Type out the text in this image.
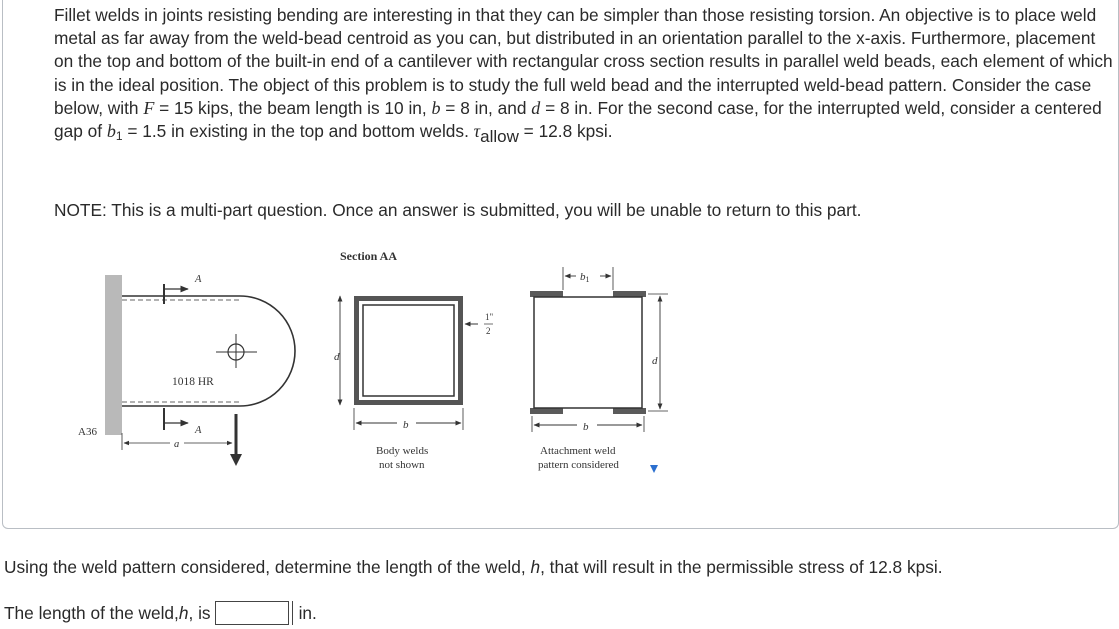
Fillet welds in joints resisting bending are interesting in that they can be simpler than those resisting torsion. An objective is to place weld metal as far away from the weld-bead centroid as you can, but distributed in an orientation parallel to the x-axis. Furthermore, placement on the top and bottom of the built-in end of a cantilever with rectangular cross section results in parallel weld beads, each element of which is in the ideal position. The object of this problem is to study the full weld bead and the interrupted weld-bead pattern. Consider the case below, with F = 15 kips, the beam length is 10 in, b = 8 in, and d = 8 in. For the second case, for the interrupted weld, consider a centered gap of $b_1 = 1.5$ in existing in the top and bottom welds. τallow = 12.8 kpsi.

NOTE: This is a multi-part question. Once an answer is submitted, you will be unable to return to this part.
A
A
1018 HR
a
A36
Section AA
d
b
1"
2
Body welds
not shown
b1
d
b
Attachment weld
pattern considered
Using the weld pattern considered, determine the length of the weld, h, that will result in the permissible stress of 12.8 kpsi.
The length of the weld, h , is	in.
